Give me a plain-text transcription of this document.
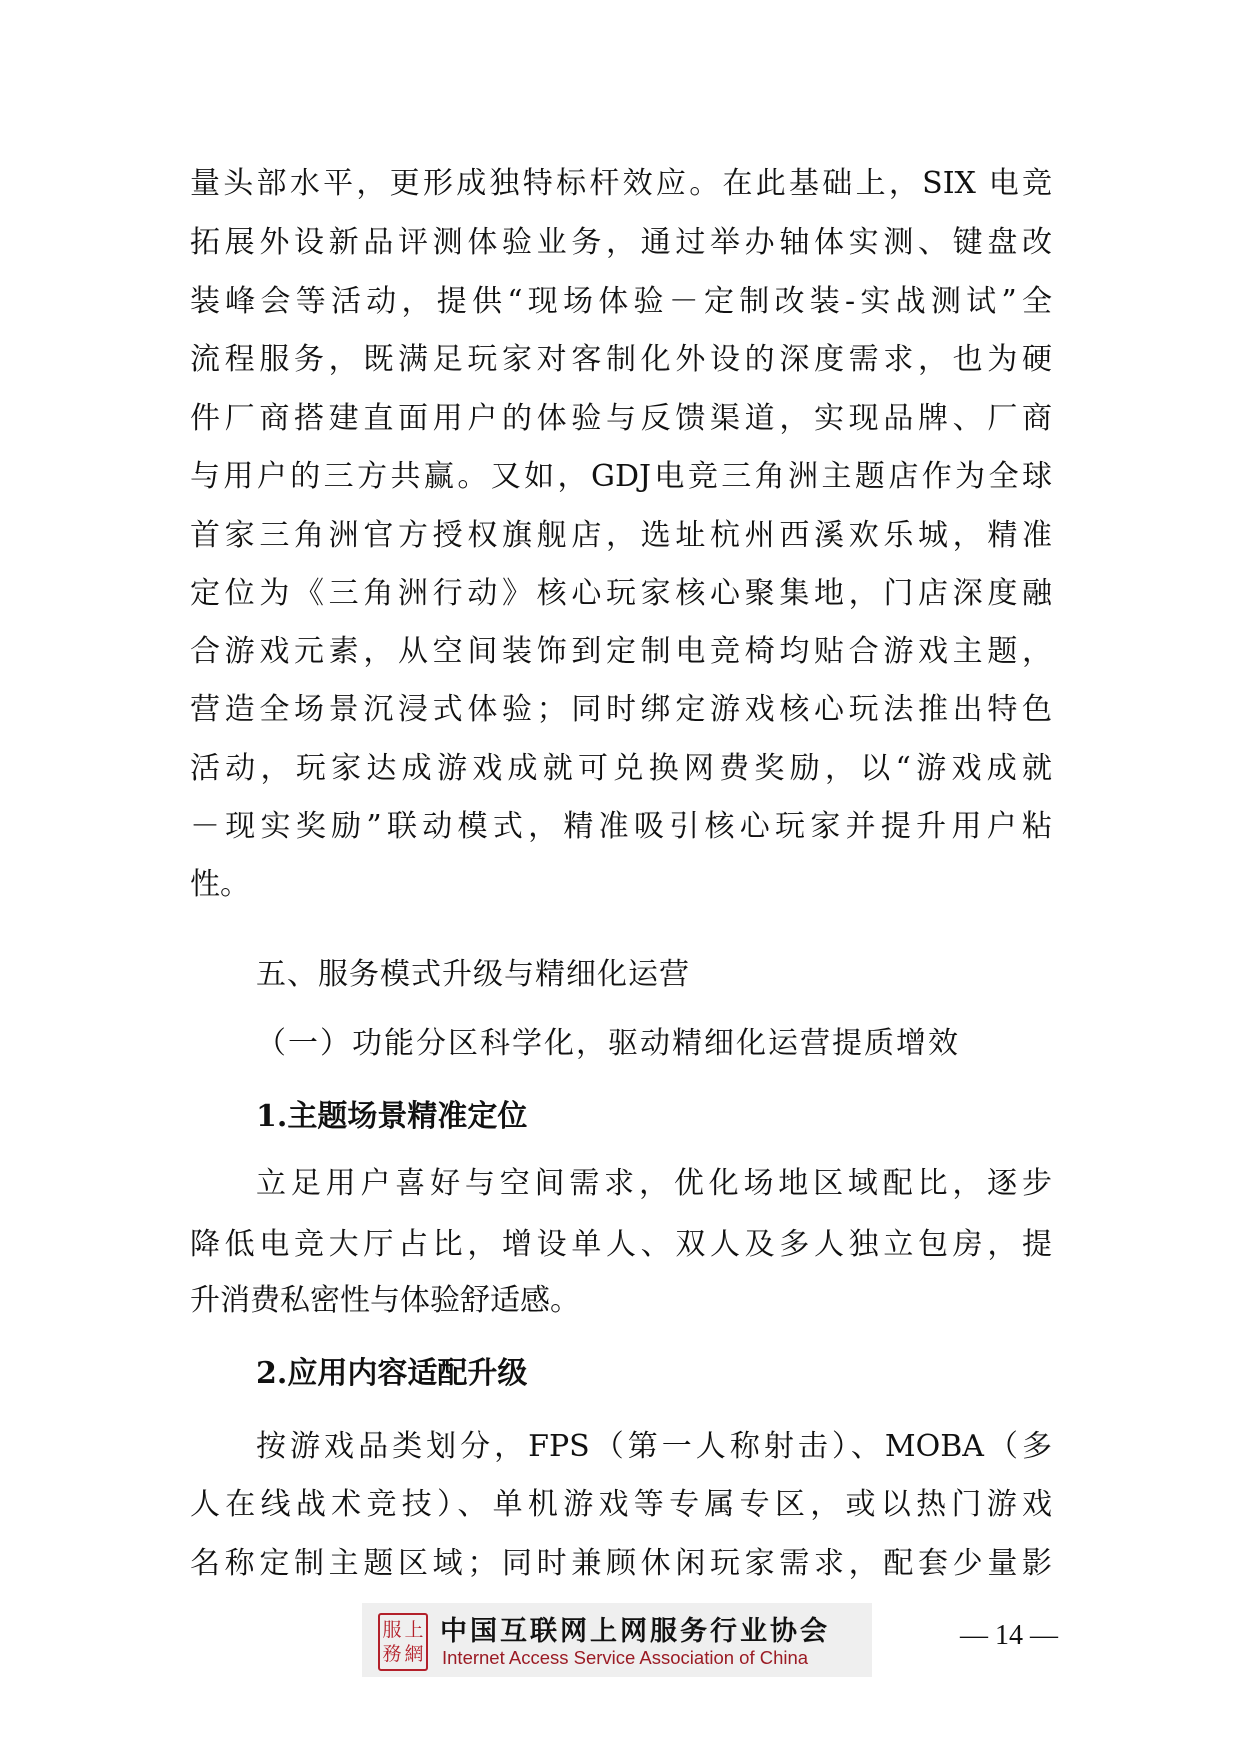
量头部水平，更形成独特标杆效应。在此基础上，SIX 电竞
拓展外设新品评测体验业务，通过举办轴体实测、键盘改
装峰会等活动，提供“现场体验－定制改装-实战测试”全
流程服务，既满足玩家对客制化外设的深度需求，也为硬
件厂商搭建直面用户的体验与反馈渠道，实现品牌、厂商
与用户的三方共赢。又如，GDJ电竞三角洲主题店作为全球
首家三角洲官方授权旗舰店，选址杭州西溪欢乐城，精准
定位为《三角洲行动》核心玩家核心聚集地，门店深度融
合游戏元素，从空间装饰到定制电竞椅均贴合游戏主题，
营造全场景沉浸式体验；同时绑定游戏核心玩法推出特色
活动，玩家达成游戏成就可兑换网费奖励，以“游戏成就
－现实奖励”联动模式，精准吸引核心玩家并提升用户粘
性。
五、服务模式升级与精细化运营
（一）功能分区科学化，驱动精细化运营提质增效
1.主题场景精准定位
立足用户喜好与空间需求，优化场地区域配比，逐步
降低电竞大厅占比，增设单人、双人及多人独立包房，提
升消费私密性与体验舒适感。
2.应用内容适配升级
按游戏品类划分，FPS（第一人称射击）、MOBA（多
人在线战术竞技）、单机游戏等专属专区，或以热门游戏
名称定制主题区域；同时兼顾休闲玩家需求，配套少量影
服 上
務 網
中国互联网上网服务行业协会
Internet Access Service Association of China
— 14 —
